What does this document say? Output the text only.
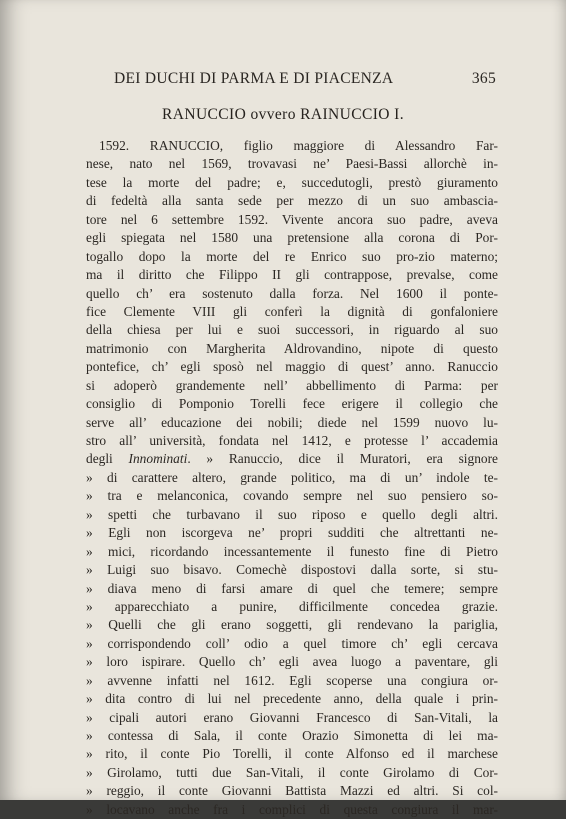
DEI DUCHI DI PARMA E DI PIACENZA	365
RANUCCIO ovvero RAINUCCIO I.
1592. RANUCCIO, figlio maggiore di Alessandro Far-
nese, nato nel 1569, trovavasi ne’ Paesi-Bassi allorchè in-
tese la morte del padre; e, succedutogli, prestò giuramento
di fedeltà alla santa sede per mezzo di un suo ambascia-
tore nel 6 settembre 1592. Vivente ancora suo padre, aveva
egli spiegata nel 1580 una pretensione alla corona di Por-
togallo dopo la morte del re Enrico suo pro-zio materno;
ma il diritto che Filippo II gli contrappose, prevalse, come
quello ch’ era sostenuto dalla forza. Nel 1600 il ponte-
fice Clemente VIII gli conferì la dignità di gonfaloniere
della chiesa per lui e suoi successori, in riguardo al suo
matrimonio con Margherita Aldrovandino, nipote di questo
pontefice, ch’ egli sposò nel maggio di quest’ anno. Ranuccio
si adoperò grandemente nell’ abbellimento di Parma: per
consiglio di Pomponio Torelli fece erigere il collegio che
serve all’ educazione dei nobili; diede nel 1599 nuovo lu-
stro all’ università, fondata nel 1412, e protesse l’ accademia
degli Innominati. » Ranuccio, dice il Muratori, era signore
» di carattere altero, grande politico, ma di un’ indole te-
» tra e melanconica, covando sempre nel suo pensiero so-
» spetti che turbavano il suo riposo e quello degli altri.
» Egli non iscorgeva ne’ propri sudditi che altrettanti ne-
» mici, ricordando incessantemente il funesto fine di Pietro
» Luigi suo bisavo. Comechè dispostovi dalla sorte, si stu-
» diava meno di farsi amare di quel che temere; sempre
» apparecchiato a punire, difficilmente concedea grazie.
» Quelli che gli erano soggetti, gli rendevano la pariglia,
» corrispondendo coll’ odio a quel timore ch’ egli cercava
» loro ispirare. Quello ch’ egli avea luogo a paventare, gli
» avvenne infatti nel 1612. Egli scoperse una congiura or-
» dita contro di lui nel precedente anno, della quale i prin-
» cipali autori erano Giovanni Francesco di San-Vitali, la
» contessa di Sala, il conte Orazio Simonetta di lei ma-
» rito, il conte Pio Torelli, il conte Alfonso ed il marchese
» Girolamo, tutti due San-Vitali, il conte Girolamo di Cor-
» reggio, il conte Giovanni Battista Mazzi ed altri. Si col-
» locavano anche fra i complici di questa congiura il mar-
